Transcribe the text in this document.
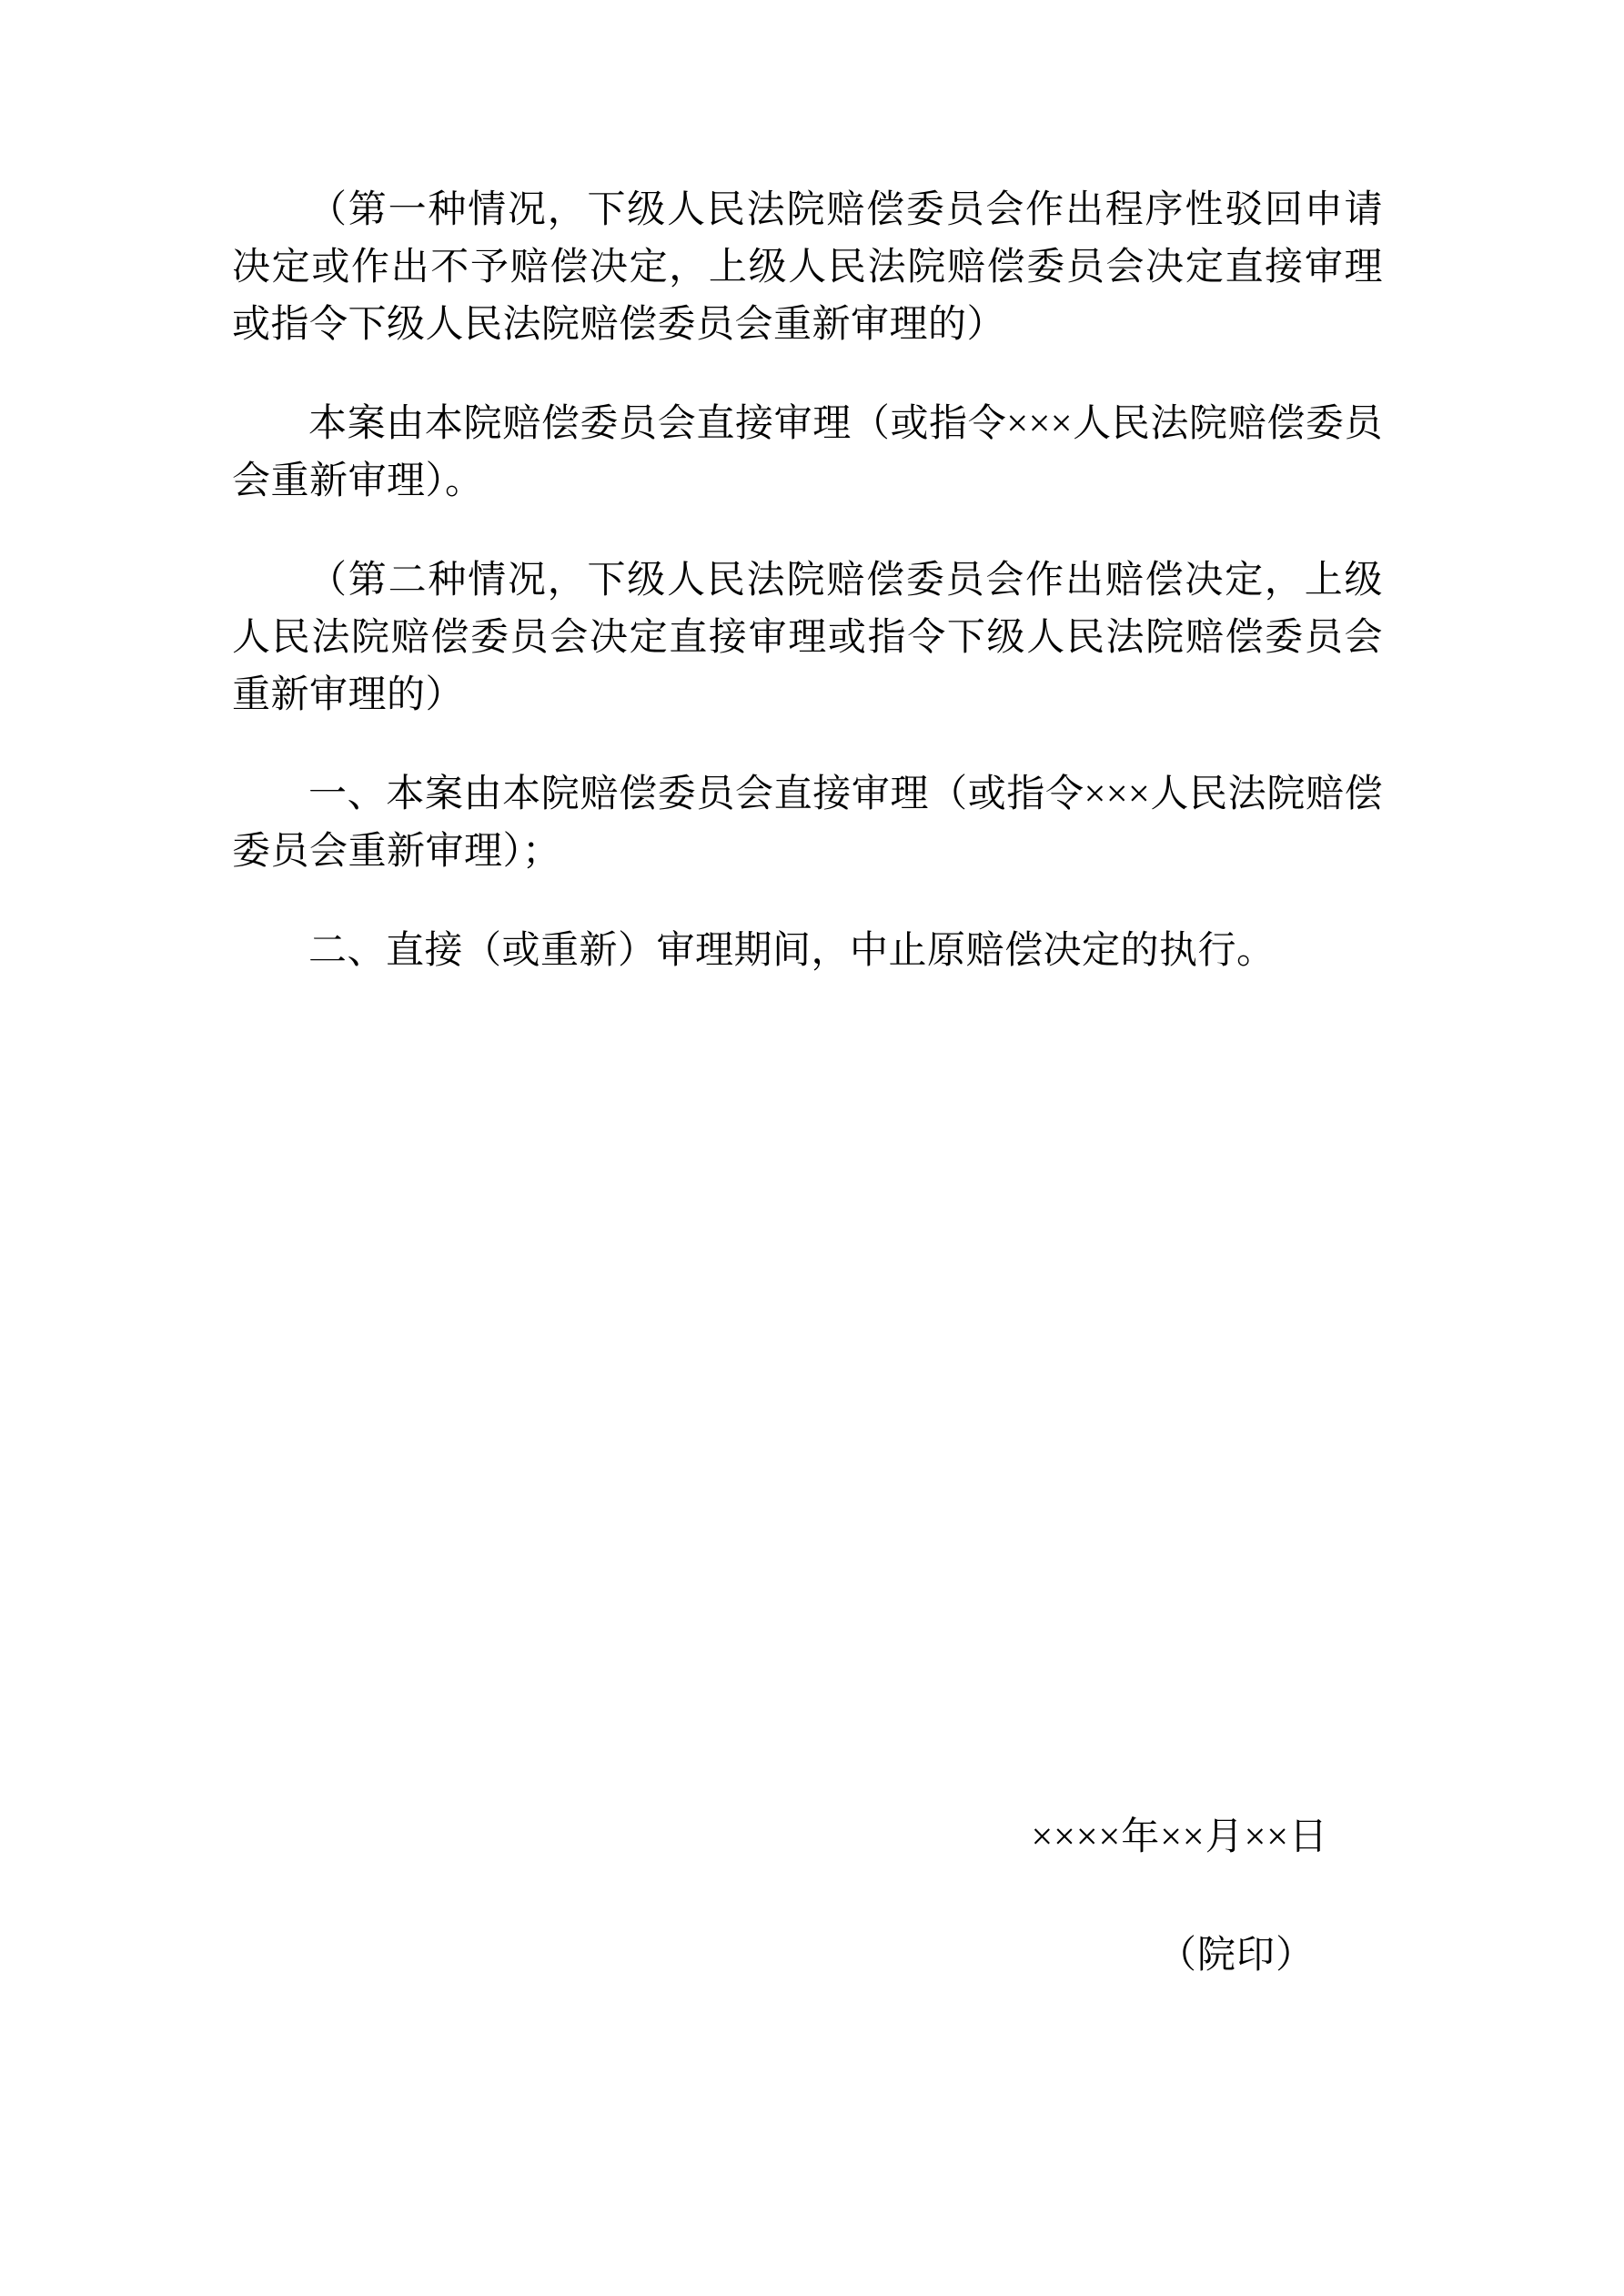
（第一种情况，下级人民法院赔偿委员会作出程序性驳回申请决定或作出不予赔偿决定，上级人民法院赔偿委员会决定直接审理或指令下级人民法院赔偿委员会重新审理的）

本案由本院赔偿委员会直接审理（或指令×××人民法院赔偿委员会重新审理）。

（第二种情况，下级人民法院赔偿委员会作出赔偿决定，上级人民法院赔偿委员会决定直接审理或指令下级人民法院赔偿委员会重新审理的）

一、本案由本院赔偿委员会直接审理（或指令×××人民法院赔偿委员会重新审理）；

二、直接（或重新）审理期间，中止原赔偿决定的执行。

××××年××月××日
（院印）
